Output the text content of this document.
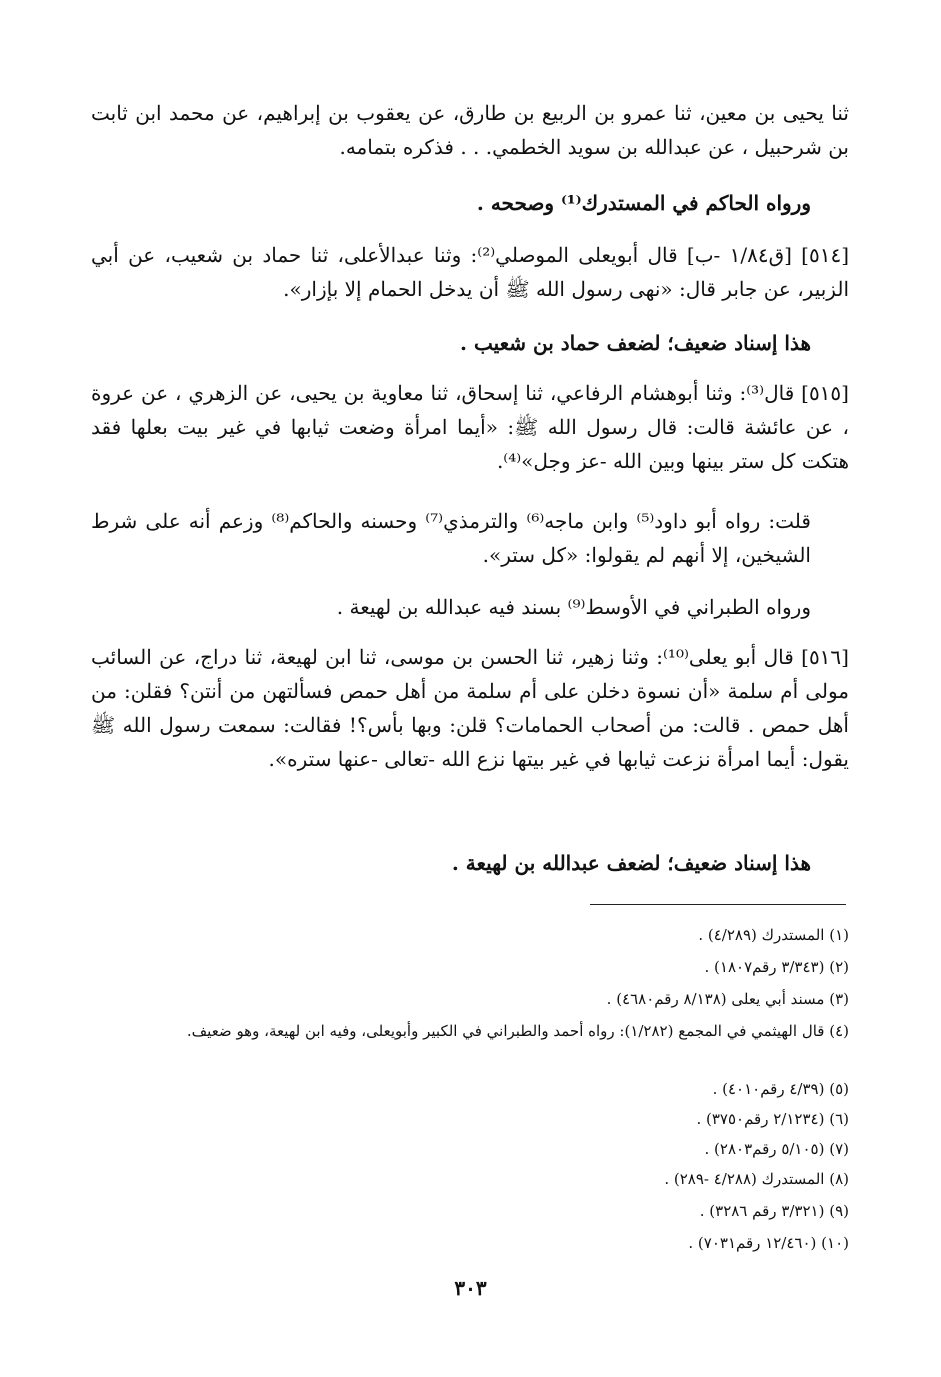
ثنا يحيى بن معين، ثنا عمرو بن الربيع بن طارق، عن يعقوب بن إبراهيم، عن محمد ابن ثابت بن شرحبيل ، عن عبدالله بن سويد الخطمي. . . فذكره بتمامه.
ورواه الحاكم في المستدرك⁽¹⁾ وصححه .
[٥١٤] [ق١/٨٤ -ب] قال أبويعلى الموصلي⁽²⁾: وثنا عبدالأعلى، ثنا حماد بن شعيب، عن أبي الزبير، عن جابر قال: «نهى رسول الله ﷺ أن يدخل الحمام إلا بإزار».
هذا إسناد ضعيف؛ لضعف حماد بن شعيب .
[٥١٥] قال⁽³⁾: وثنا أبوهشام الرفاعي، ثنا إسحاق، ثنا معاوية بن يحيى، عن الزهري ، عن عروة ، عن عائشة قالت: قال رسول الله ﷺ: «أيما امرأة وضعت ثيابها في غير بيت بعلها فقد هتكت كل ستر بينها وبين الله -عز وجل»⁽⁴⁾.
قلت: رواه أبو داود⁽⁵⁾ وابن ماجه⁽⁶⁾ والترمذي⁽⁷⁾ وحسنه والحاكم⁽⁸⁾ وزعم أنه على شرط الشيخين، إلا أنهم لم يقولوا: «كل ستر».
ورواه الطبراني في الأوسط⁽⁹⁾ بسند فيه عبدالله بن لهيعة .
[٥١٦] قال أبو يعلى⁽¹⁰⁾: وثنا زهير، ثنا الحسن بن موسى، ثنا ابن لهيعة، ثنا دراج، عن السائب مولى أم سلمة «أن نسوة دخلن على أم سلمة من أهل حمص فسألتهن من أنتن؟ فقلن: من أهل حمص . قالت: من أصحاب الحمامات؟ قلن: وبها بأس؟! فقالت: سمعت رسول الله ﷺ يقول: أيما امرأة نزعت ثيابها في غير بيتها نزع الله -تعالى -عنها ستره».
هذا إسناد ضعيف؛ لضعف عبدالله بن لهيعة .
(١) المستدرك (٤/٢٨٩) .
(٢) (٣/٣٤٣ رقم١٨٠٧) .
(٣) مسند أبي يعلى (٨/١٣٨ رقم٤٦٨٠) .
(٤) قال الهيثمي في المجمع (١/٢٨٢): رواه أحمد والطبراني في الكبير وأبويعلى، وفيه ابن لهيعة، وهو ضعيف.
(٥) (٤/٣٩ رقم٤٠١٠) .
(٦) (٢/١٢٣٤ رقم٣٧٥٠) .
(٧) (٥/١٠٥ رقم٢٨٠٣) .
(٨) المستدرك (٤/٢٨٨ -٢٨٩) .
(٩) (٣/٣٢١ رقم ٣٢٨٦) .
(١٠) (١٢/٤٦٠ رقم٧٠٣١) .
٣٠٣
